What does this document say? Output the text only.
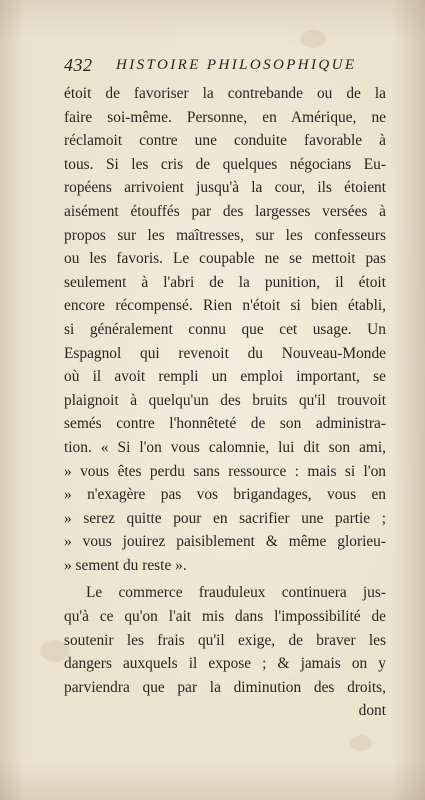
432 HISTOIRE PHILOSOPHIQUE
étoit de favoriser la contrebande ou de la
faire soi-même. Personne, en Amérique, ne
réclamoit contre une conduite favorable à
tous. Si les cris de quelques négocians Eu-
ropéens arrivoient jusqu'à la cour, ils étoient
aisément étouffés par des largesses versées à
propos sur les maîtresses, sur les confesseurs
ou les favoris. Le coupable ne se mettoit pas
seulement à l'abri de la punition, il étoit
encore récompensé. Rien n'étoit si bien établi,
si généralement connu que cet usage. Un
Espagnol qui revenoit du Nouveau-Monde
où il avoit rempli un emploi important, se
plaignoit à quelqu'un des bruits qu'il trouvoit
semés contre l'honnêteté de son administra-
tion. « Si l'on vous calomnie, lui dit son ami,
» vous êtes perdu sans ressource : mais si l'on
» n'exagère pas vos brigandages, vous en
» serez quitte pour en sacrifier une partie ;
» vous jouirez paisiblement & même glorieu-
» sement du reste ».
Le commerce frauduleux continuera jus-
qu'à ce qu'on l'ait mis dans l'impossibilité de
soutenir les frais qu'il exige, de braver les
dangers auxquels il expose ; & jamais on y
parviendra que par la diminution des droits,
dont
